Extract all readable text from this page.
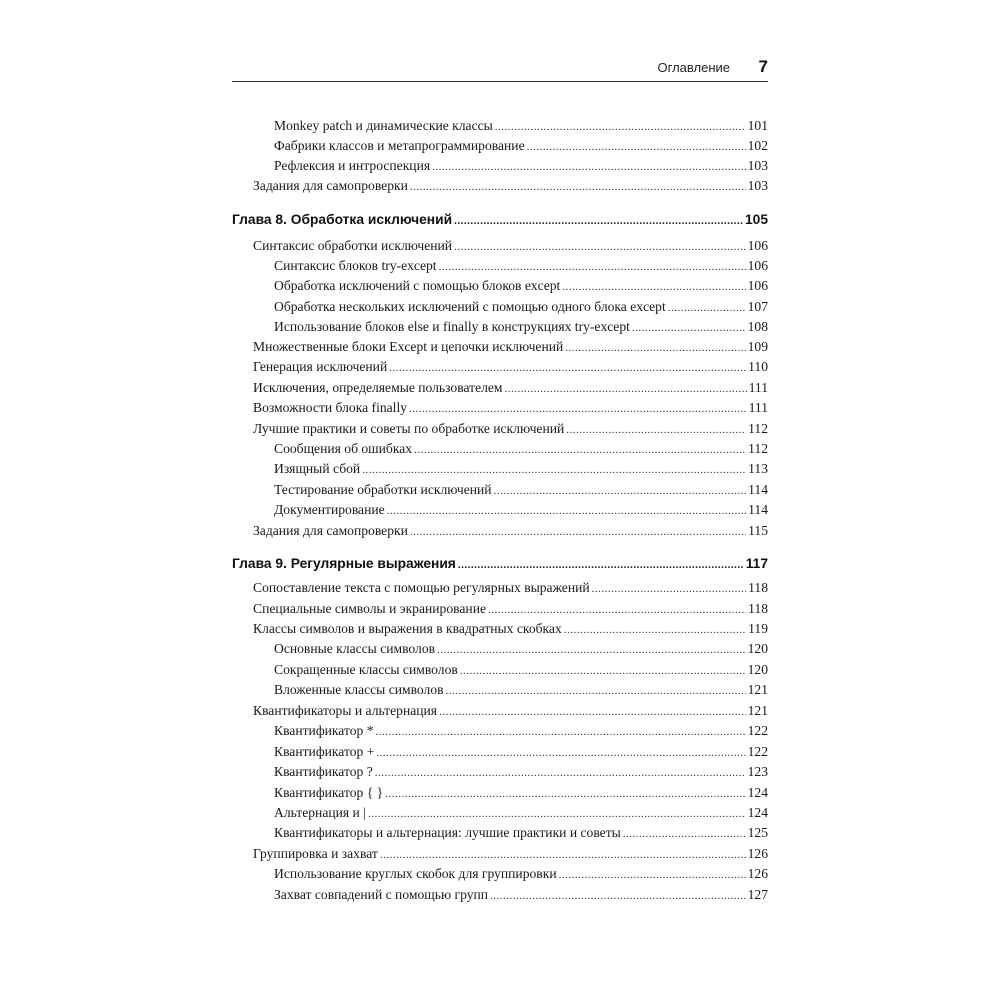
Оглавление 7
Monkey patch и динамические классы .....	101
Фабрики классов и метапрограммирование .....	102
Рефлексия и интроспекция .....	103
Задания для самопроверки .....	103
Глава 8. Обработка исключений .....	105
Синтаксис обработки исключений .....	106
Синтаксис блоков try-except .....	106
Обработка исключений с помощью блоков except .....	106
Обработка нескольких исключений с помощью одного блока except .....	107
Использование блоков else и finally в конструкциях try-except .....	108
Множественные блоки Except и цепочки исключений .....	109
Генерация исключений .....	110
Исключения, определяемые пользователем .....	111
Возможности блока finally .....	111
Лучшие практики и советы по обработке исключений .....	112
Сообщения об ошибках .....	112
Изящный сбой .....	113
Тестирование обработки исключений .....	114
Документирование .....	114
Задания для самопроверки .....	115
Глава 9. Регулярные выражения .....	117
Сопоставление текста с помощью регулярных выражений .....	118
Специальные символы и экранирование .....	118
Классы символов и выражения в квадратных скобках .....	119
Основные классы символов .....	120
Сокращенные классы символов .....	120
Вложенные классы символов .....	121
Квантификаторы и альтернация .....	121
Квантификатор * .....	122
Квантификатор + .....	122
Квантификатор ? .....	123
Квантификатор { } .....	124
Альтернация и | .....	124
Квантификаторы и альтернация: лучшие практики и советы .....	125
Группировка и захват .....	126
Использование круглых скобок для группировки .....	126
Захват совпадений с помощью групп .....	127
